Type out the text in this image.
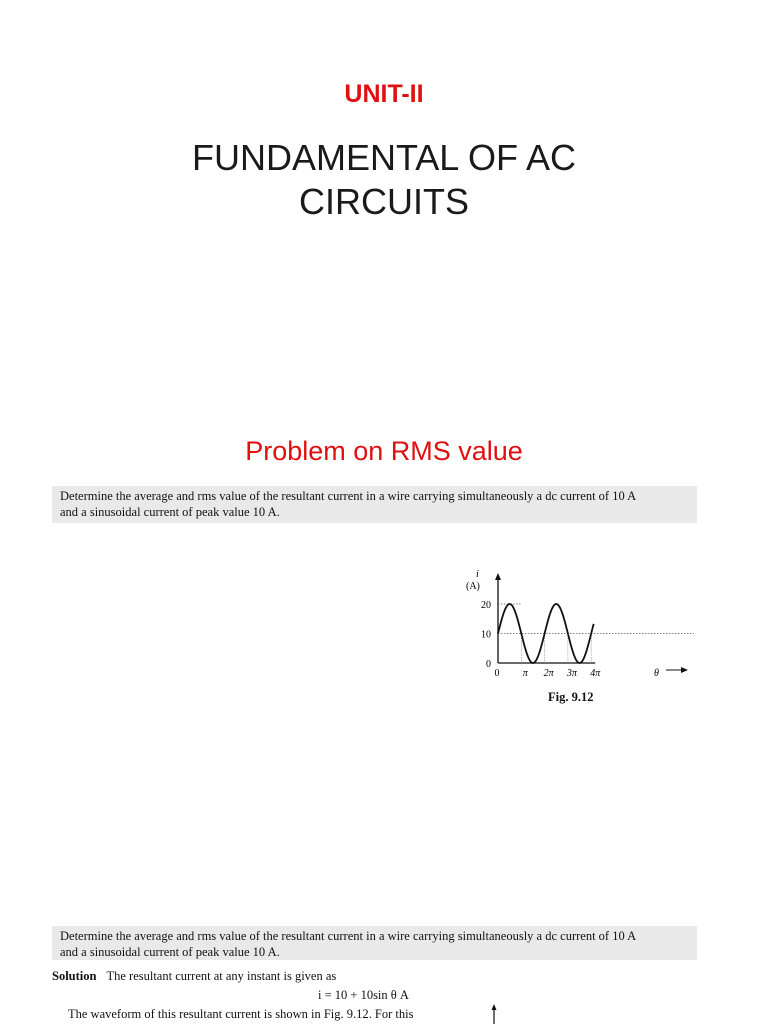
UNIT-II
FUNDAMENTAL OF AC
CIRCUITS
Problem on RMS value
Determine the average and rms value of the resultant current in a wire carrying simultaneously a dc current of 10 A
and a sinusoidal current of peak value 10 A.
i
(A)
20
10
0
0 π 2π 3π 4π	θ
Fig. 9.12
Determine the average and rms value of the resultant current in a wire carrying simultaneously a dc current of 10 A
and a sinusoidal current of peak value 10 A.
Solution The resultant current at any instant is given as
i = 10 + 10sin θ A
The waveform of this resultant current is shown in Fig. 9.12. For this
